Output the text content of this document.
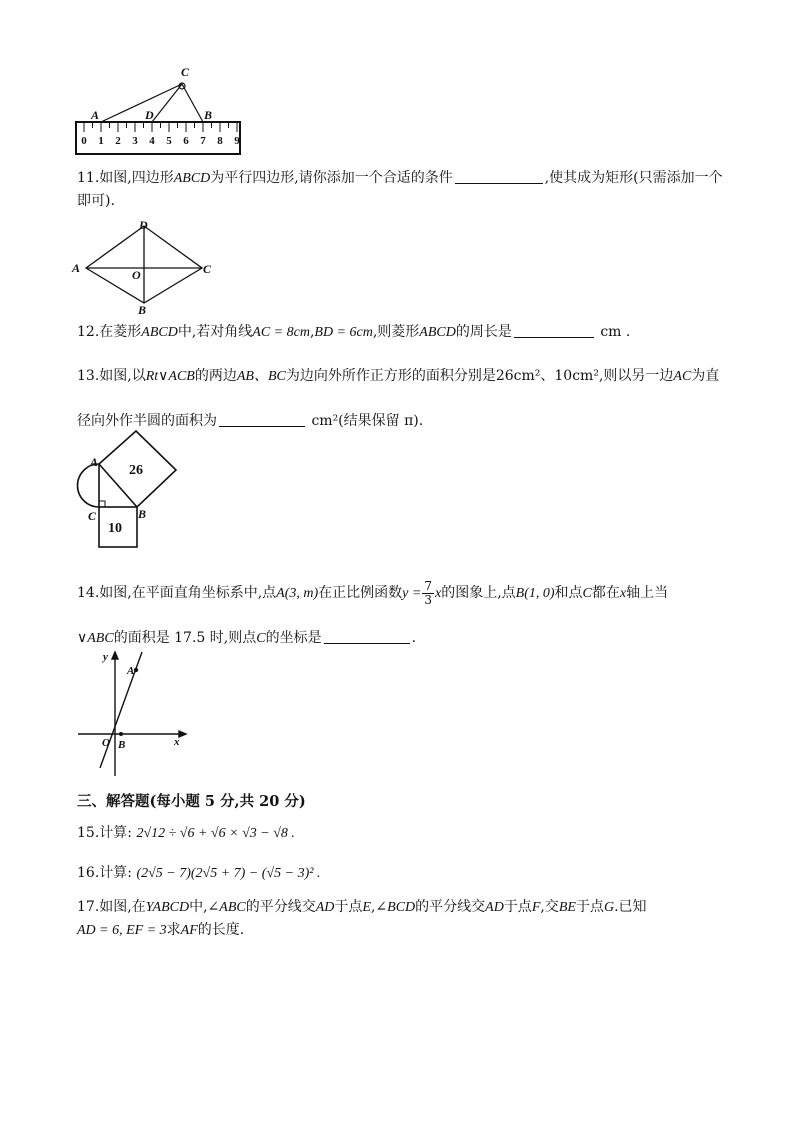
0 1 2 3 4 5 6 7 8 9
A	D	B
C
11.如图,四边形ABCD为平行四边形,请你添加一个合适的条件	,使其成为矩形(只需添加一个
即可).
A
B
C
D
O
12.在菱形ABCD中,若对角线AC = 8cm,BD = 6cm,则菱形ABCD的周长是	cm .
13.如图,以Rt∨ACB的两边AB、BC为边向外所作正方形的面积分别是26cm²、10cm²,则以另一边AC为直
径向外作半圆的面积为	cm²(结果保留 π).
26
10
A
B
C
14.如图,在平面直角坐标系中,点A(3, m)在正比例函数$y = \frac{7}{3}$ x的图象上,点B(1, 0)和点C都在x轴上当
∨ABC的面积是 17.5 时,则点C的坐标是	.
y
x
O B
A
三、解答题(每小题 5 分,共 20 分)
15.计算: 2√12 ÷ √6 + √6 × √3 − √8 .
16.计算: (2√5 − 7)(2√5 + 7) − (√5 − 3)² .
17.如图,在YABCD中,∠ABC的平分线交AD于点E,∠BCD的平分线交AD于点F,交BE于点G.已知
AD = 6, EF = 3求AF的长度.
